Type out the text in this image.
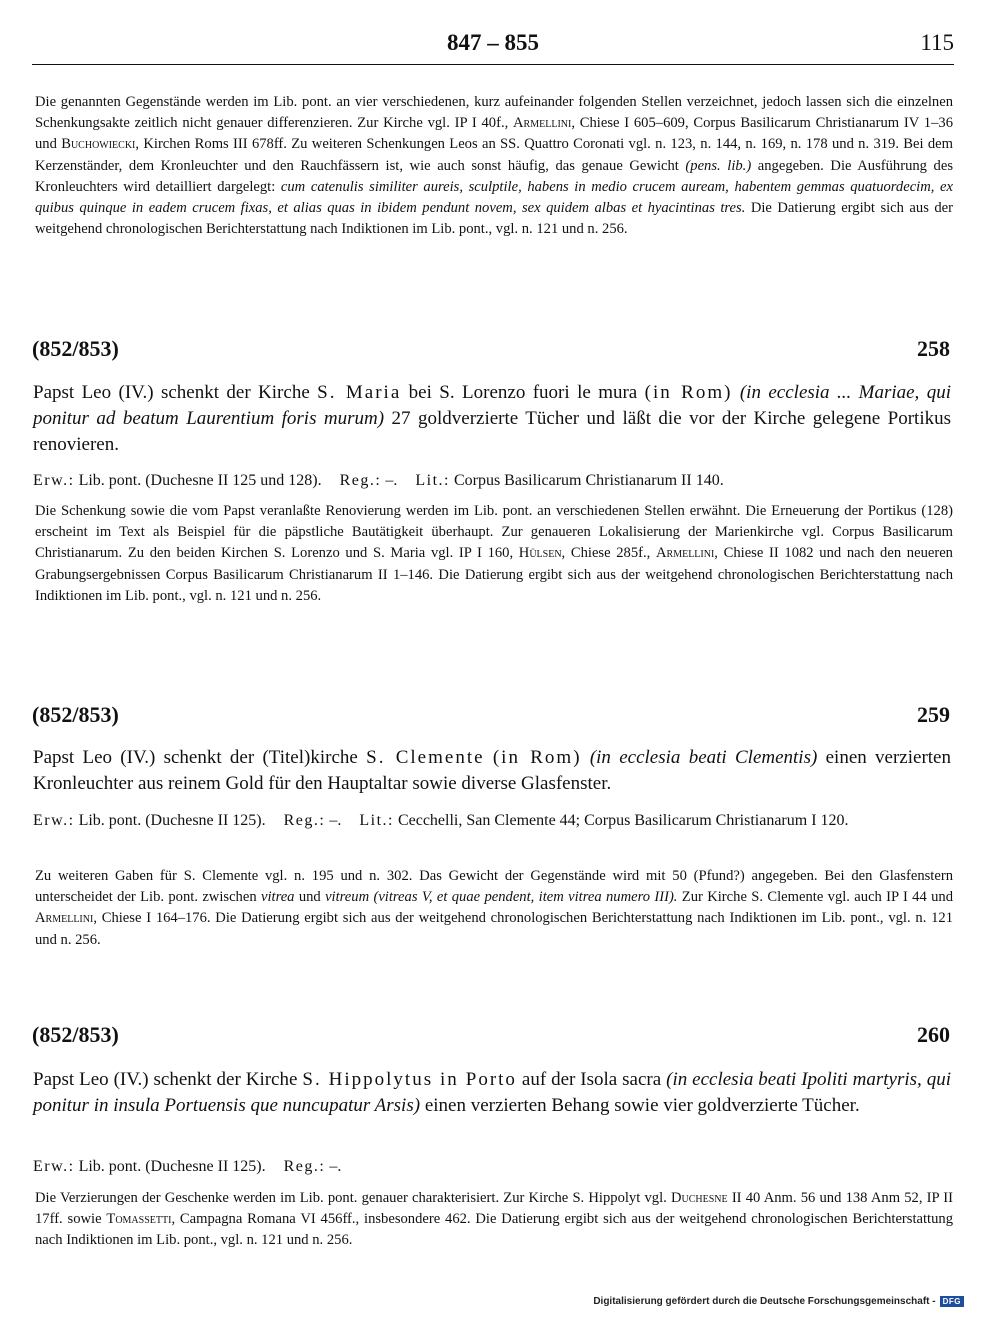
847 – 855	115
Die genannten Gegenstände werden im Lib. pont. an vier verschiedenen, kurz aufeinander folgenden Stellen verzeichnet, jedoch lassen sich die einzelnen Schenkungsakte zeitlich nicht genauer differenzieren. Zur Kirche vgl. IP I 40f., Armellini, Chiese I 605–609, Corpus Basilicarum Christianarum IV 1–36 und Buchowiecki, Kirchen Roms III 678ff. Zu weiteren Schenkungen Leos an SS. Quattro Coronati vgl. n. 123, n. 144, n. 169, n. 178 und n. 319. Bei dem Kerzenständer, dem Kronleuchter und den Rauchfässern ist, wie auch sonst häufig, das genaue Gewicht (pens. lib.) angegeben. Die Ausführung des Kronleuchters wird detailliert dargelegt: cum catenulis similiter aureis, sculptile, habens in medio crucem auream, habentem gemmas quatuordecim, ex quibus quinque in eadem crucem fixas, et alias quas in ibidem pendunt novem, sex quidem albas et hyacintinas tres. Die Datierung ergibt sich aus der weitgehend chronologischen Berichterstattung nach Indiktionen im Lib. pont., vgl. n. 121 und n. 256.
(852/853)	258
Papst Leo (IV.) schenkt der Kirche S. Maria bei S. Lorenzo fuori le mura (in Rom) (in ecclesia ... Mariae, qui ponitur ad beatum Laurentium foris murum) 27 goldverzierte Tücher und läßt die vor der Kirche gelegene Portikus renovieren.
Erw.: Lib. pont. (Duchesne II 125 und 128). Reg.: –. Lit.: Corpus Basilicarum Christianarum II 140.
Die Schenkung sowie die vom Papst veranlaßte Renovierung werden im Lib. pont. an verschiedenen Stellen erwähnt. Die Erneuerung der Portikus (128) erscheint im Text als Beispiel für die päpstliche Bautätigkeit überhaupt. Zur genaueren Lokalisierung der Marienkirche vgl. Corpus Basilicarum Christianarum. Zu den beiden Kirchen S. Lorenzo und S. Maria vgl. IP I 160, Hülsen, Chiese 285f., Armellini, Chiese II 1082 und nach den neueren Grabungsergebnissen Corpus Basilicarum Christianarum II 1–146. Die Datierung ergibt sich aus der weitgehend chronologischen Berichterstattung nach Indiktionen im Lib. pont., vgl. n. 121 und n. 256.
(852/853)	259
Papst Leo (IV.) schenkt der (Titel)kirche S. Clemente (in Rom) (in ecclesia beati Clementis) einen verzierten Kronleuchter aus reinem Gold für den Hauptaltar sowie diverse Glasfenster.
Erw.: Lib. pont. (Duchesne II 125). Reg.: –. Lit.: Cecchelli, San Clemente 44; Corpus Basilicarum Christianarum I 120.
Zu weiteren Gaben für S. Clemente vgl. n. 195 und n. 302. Das Gewicht der Gegenstände wird mit 50 (Pfund?) angegeben. Bei den Glasfenstern unterscheidet der Lib. pont. zwischen vitrea und vitreum (vitreas V, et quae pendent, item vitrea numero III). Zur Kirche S. Clemente vgl. auch IP I 44 und Armellini, Chiese I 164–176. Die Datierung ergibt sich aus der weitgehend chronologischen Berichterstattung nach Indiktionen im Lib. pont., vgl. n. 121 und n. 256.
(852/853)	260
Papst Leo (IV.) schenkt der Kirche S. Hippolytus in Porto auf der Isola sacra (in ecclesia beati Ipoliti martyris, qui ponitur in insula Portuensis que nuncupatur Arsis) einen verzierten Behang sowie vier goldverzierte Tücher.
Erw.: Lib. pont. (Duchesne II 125). Reg.: –.
Die Verzierungen der Geschenke werden im Lib. pont. genauer charakterisiert. Zur Kirche S. Hippolyt vgl. Duchesne II 40 Anm. 56 und 138 Anm 52, IP II 17ff. sowie Tomassetti, Campagna Romana VI 456ff., insbesondere 462. Die Datierung ergibt sich aus der weitgehend chronologischen Berichterstattung nach Indiktionen im Lib. pont., vgl. n. 121 und n. 256.
Digitalisierung gefördert durch die Deutsche Forschungsgemeinschaft - DFG
